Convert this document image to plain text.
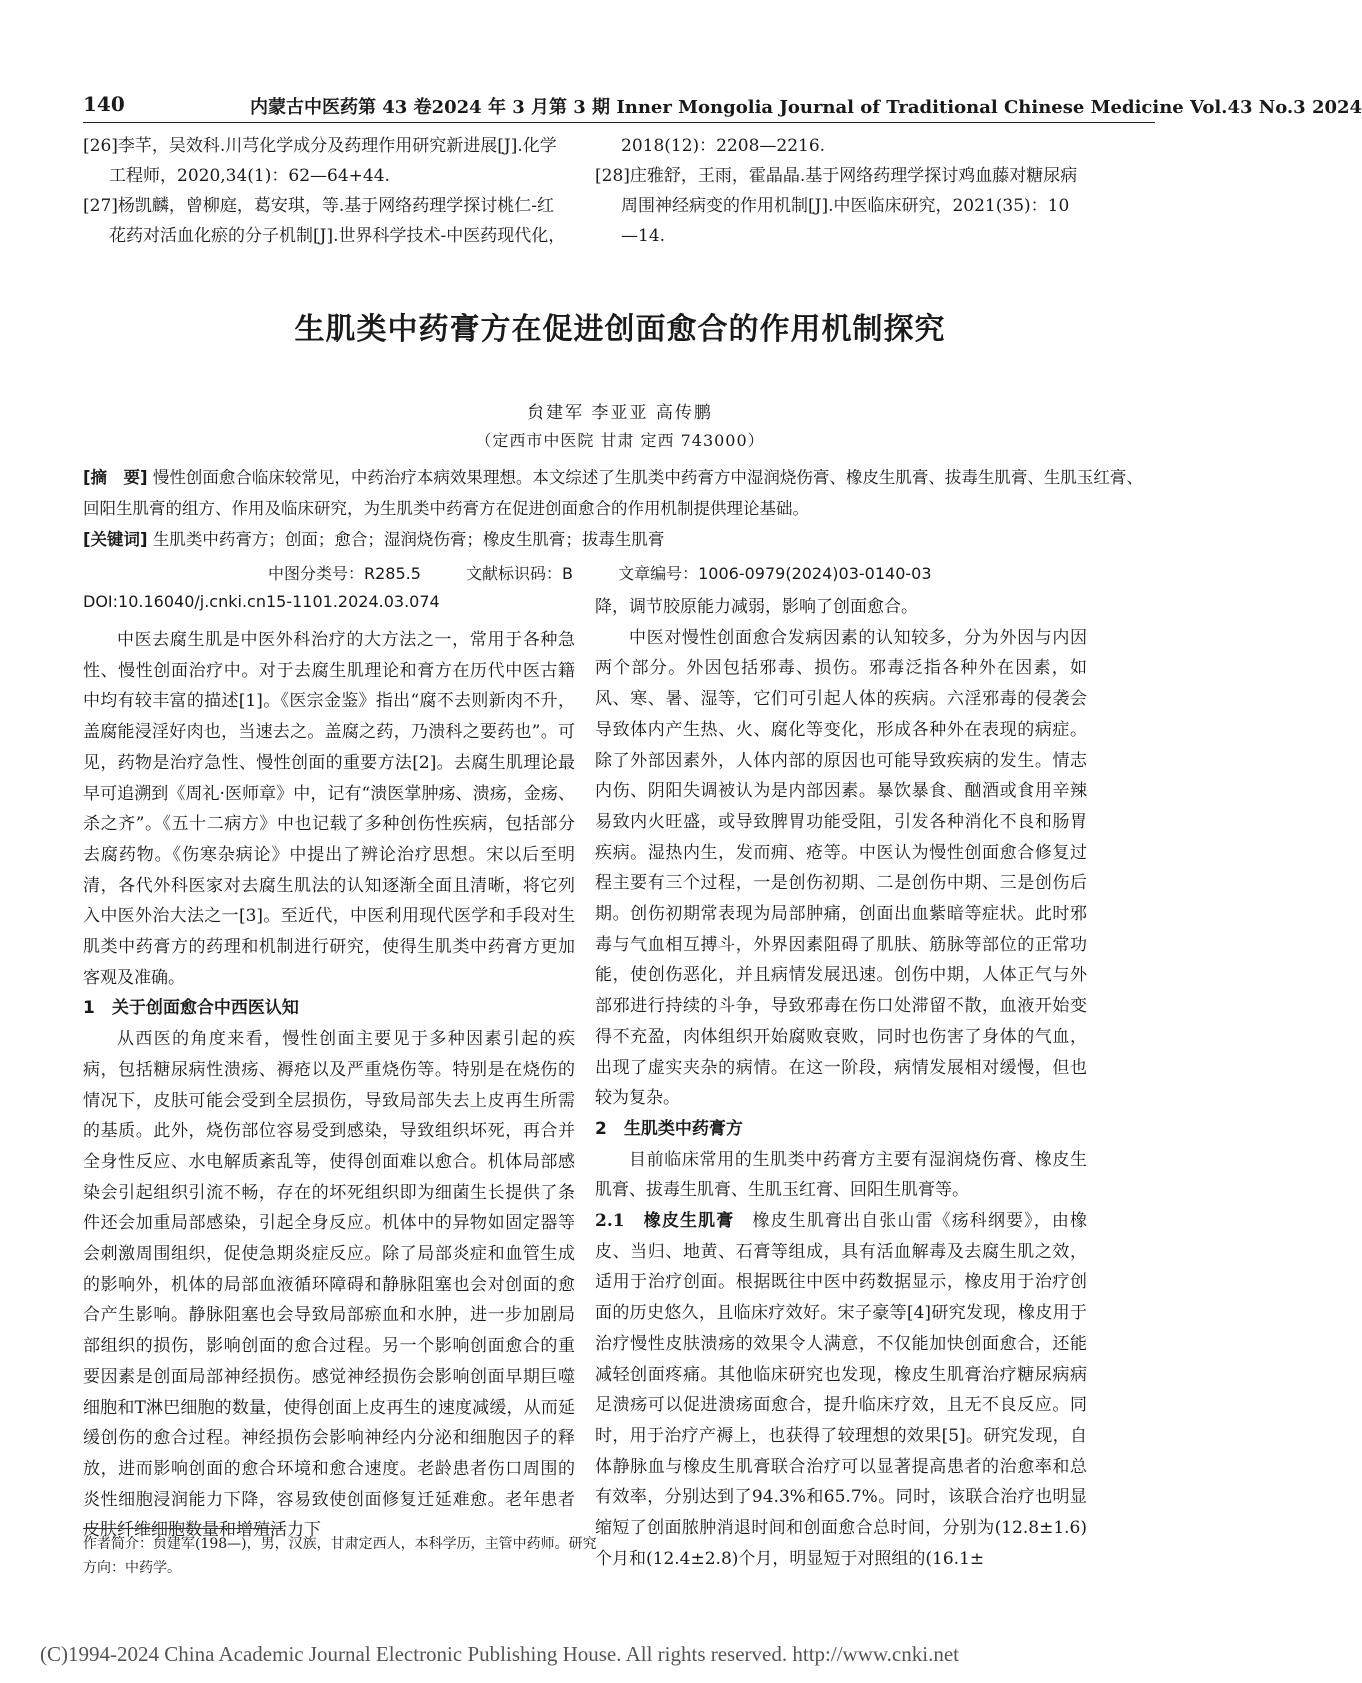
140	内蒙古中医药第 43 卷2024 年 3 月第 3 期 Inner Mongolia Journal of Traditional Chinese Medicine Vol.43 No.3 2024

[26]李芊，吴效科.川芎化学成分及药理作用研究新进展[J].化学工程师，2020,34(1)：62—64+44.

[27]杨凯麟，曾柳庭，葛安琪，等.基于网络药理学探讨桃仁-红花药对活血化瘀的分子机制[J].世界科学技术-中医药现代化，

2018(12)：2208—2216.

[28]庄雅舒，王雨，霍晶晶.基于网络药理学探讨鸡血藤对糖尿病周围神经病变的作用机制[J].中医临床研究，2021(35)：10—14.

生肌类中药膏方在促进创面愈合的作用机制探究
贠建军 李亚亚 高传鹏
（定西市中医院 甘肃 定西 743000）

[摘　要] 慢性创面愈合临床较常见，中药治疗本病效果理想。本文综述了生肌类中药膏方中湿润烧伤膏、橡皮生肌膏、拔毒生肌膏、生肌玉红膏、回阳生肌膏的组方、作用及临床研究，为生肌类中药膏方在促进创面愈合的作用机制提供理论基础。

[关键词] 生肌类中药膏方；创面；愈合；湿润烧伤膏；橡皮生肌膏；拔毒生肌膏

中图分类号：R285.5	文献标识码：B	文章编号：1006-0979(2024)03-0140-03
DOI:10.16040/j.cnki.cn15-1101.2024.03.074

中医去腐生肌是中医外科治疗的大方法之一，常用于各种急性、慢性创面治疗中。对于去腐生肌理论和膏方在历代中医古籍中均有较丰富的描述[1]。《医宗金鉴》指出“腐不去则新肉不升，盖腐能浸淫好肉也，当速去之。盖腐之药，乃溃科之要药也”。可见，药物是治疗急性、慢性创面的重要方法[2]。去腐生肌理论最早可追溯到《周礼·医师章》中，记有“溃医掌肿疡、溃疡，金疡、杀之齐”。《五十二病方》中也记载了多种创伤性疾病，包括部分去腐药物。《伤寒杂病论》中提出了辨论治疗思想。宋以后至明清，各代外科医家对去腐生肌法的认知逐渐全面且清晰，将它列入中医外治大法之一[3]。至近代，中医利用现代医学和手段对生肌类中药膏方的药理和机制进行研究，使得生肌类中药膏方更加客观及准确。

1　关于创面愈合中西医认知

从西医的角度来看，慢性创面主要见于多种因素引起的疾病，包括糖尿病性溃疡、褥疮以及严重烧伤等。特别是在烧伤的情况下，皮肤可能会受到全层损伤，导致局部失去上皮再生所需的基质。此外，烧伤部位容易受到感染，导致组织坏死，再合并全身性反应、水电解质紊乱等，使得创面难以愈合。机体局部感染会引起组织引流不畅，存在的坏死组织即为细菌生长提供了条件还会加重局部感染，引起全身反应。机体中的异物如固定器等会刺激周围组织，促使急期炎症反应。除了局部炎症和血管生成的影响外，机体的局部血液循环障碍和静脉阻塞也会对创面的愈合产生影响。静脉阻塞也会导致局部瘀血和水肿，进一步加剧局部组织的损伤，影响创面的愈合过程。另一个影响创面愈合的重要因素是创面局部神经损伤。感觉神经损伤会影响创面早期巨噬细胞和T淋巴细胞的数量，使得创面上皮再生的速度减缓，从而延缓创伤的愈合过程。神经损伤会影响神经内分泌和细胞因子的释放，进而影响创面的愈合环境和愈合速度。老龄患者伤口周围的炎性细胞浸润能力下降，容易致使创面修复迁延难愈。老年患者皮肤纤维细胞数量和增殖活力下

降，调节胶原能力减弱，影响了创面愈合。

中医对慢性创面愈合发病因素的认知较多，分为外因与内因两个部分。外因包括邪毒、损伤。邪毒泛指各种外在因素，如风、寒、暑、湿等，它们可引起人体的疾病。六淫邪毒的侵袭会导致体内产生热、火、腐化等变化，形成各种外在表现的病症。除了外部因素外，人体内部的原因也可能导致疾病的发生。情志内伤、阴阳失调被认为是内部因素。暴饮暴食、酗酒或食用辛辣易致内火旺盛，或导致脾胃功能受阻，引发各种消化不良和肠胃疾病。湿热内生，发而痈、疮等。中医认为慢性创面愈合修复过程主要有三个过程，一是创伤初期、二是创伤中期、三是创伤后期。创伤初期常表现为局部肿痛，创面出血紫暗等症状。此时邪毒与气血相互搏斗，外界因素阻碍了肌肤、筋脉等部位的正常功能，使创伤恶化，并且病情发展迅速。创伤中期，人体正气与外部邪进行持续的斗争，导致邪毒在伤口处滞留不散，血液开始变得不充盈，肉体组织开始腐败衰败，同时也伤害了身体的气血，出现了虚实夹杂的病情。在这一阶段，病情发展相对缓慢，但也较为复杂。

2　生肌类中药膏方

目前临床常用的生肌类中药膏方主要有湿润烧伤膏、橡皮生肌膏、拔毒生肌膏、生肌玉红膏、回阳生肌膏等。

2.1　橡皮生肌膏　 橡皮生肌膏出自张山雷《疡科纲要》，由橡皮、当归、地黄、石膏等组成，具有活血解毒及去腐生肌之效，适用于治疗创面。根据既往中医中药数据显示，橡皮用于治疗创面的历史悠久，且临床疗效好。宋子豪等[4]研究发现，橡皮用于治疗慢性皮肤溃疡的效果令人满意，不仅能加快创面愈合，还能减轻创面疼痛。其他临床研究也发现，橡皮生肌膏治疗糖尿病病足溃疡可以促进溃疡面愈合，提升临床疗效，且无不良反应。同时，用于治疗产褥上，也获得了较理想的效果[5]。研究发现，自体静脉血与橡皮生肌膏联合治疗可以显著提高患者的治愈率和总有效率，分别达到了94.3%和65.7%。同时，该联合治疗也明显缩短了创面脓肿消退时间和创面愈合总时间，分别为(12.8±1.6)个月和(12.4±2.8)个月，明显短于对照组的(16.1±

作者简介：贠建军(198—)，男，汉族，甘肃定西人，本科学历，主管中药师。研究方向：中药学。
(C)1994-2024 China Academic Journal Electronic Publishing House. All rights reserved. http://www.cnki.net
